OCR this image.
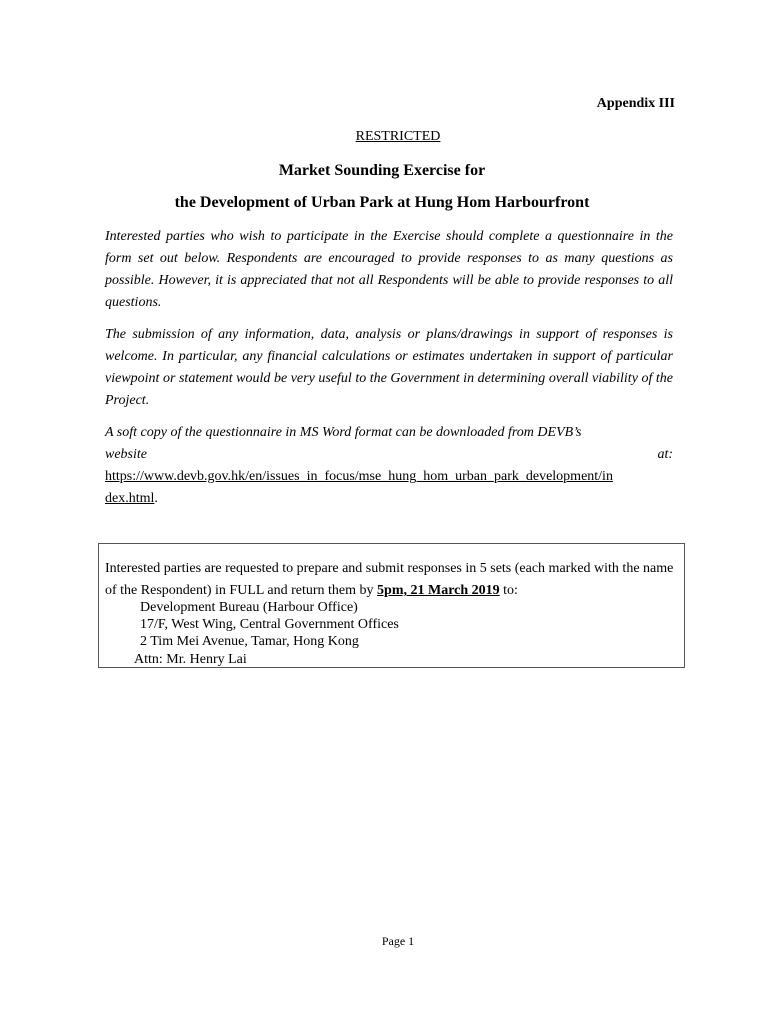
Appendix III
RESTRICTED
Market Sounding Exercise for
the Development of Urban Park at Hung Hom Harbourfront
Interested parties who wish to participate in the Exercise should complete a questionnaire in the form set out below. Respondents are encouraged to provide responses to as many questions as possible. However, it is appreciated that not all Respondents will be able to provide responses to all questions.
The submission of any information, data, analysis or plans/drawings in support of responses is welcome. In particular, any financial calculations or estimates undertaken in support of particular viewpoint or statement would be very useful to the Government in determining overall viability of the Project.
A soft copy of the questionnaire in MS Word format can be downloaded from DEVB’s
website	at:
https://www.devb.gov.hk/en/issues_in_focus/mse_hung_hom_urban_park_development/in
dex.html.
Interested parties are requested to prepare and submit responses in 5 sets (each marked with the name of the Respondent) in FULL and return them by 5pm, 21 March 2019 to:
Development Bureau (Harbour Office)
17/F, West Wing, Central Government Offices
2 Tim Mei Avenue, Tamar, Hong Kong
Attn: Mr. Henry Lai
Page 1
